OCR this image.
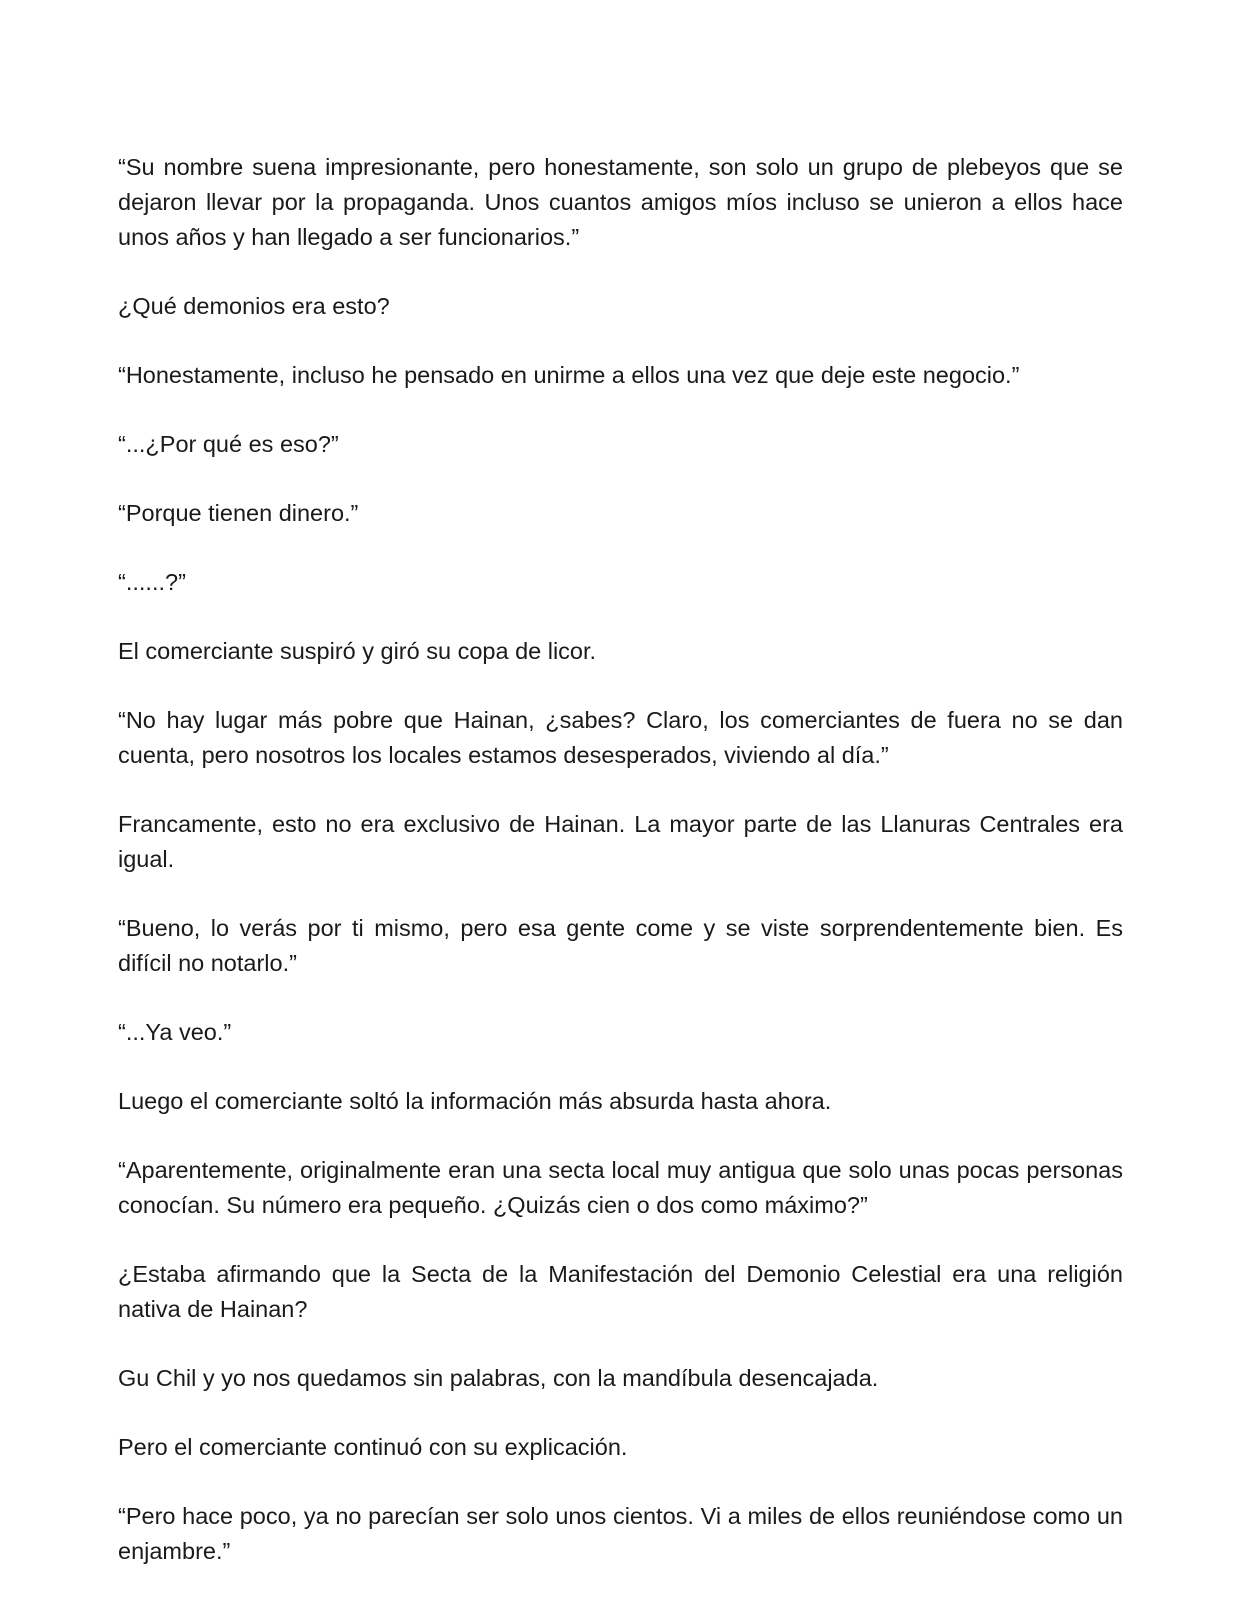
“Su nombre suena impresionante, pero honestamente, son solo un grupo de plebeyos que se dejaron llevar por la propaganda. Unos cuantos amigos míos incluso se unieron a ellos hace unos años y han llegado a ser funcionarios.”

¿Qué demonios era esto?

“Honestamente, incluso he pensado en unirme a ellos una vez que deje este negocio.”

“...¿Por qué es eso?”

“Porque tienen dinero.”

“......?”

El comerciante suspiró y giró su copa de licor.

“No hay lugar más pobre que Hainan, ¿sabes? Claro, los comerciantes de fuera no se dan cuenta, pero nosotros los locales estamos desesperados, viviendo al día.”

Francamente, esto no era exclusivo de Hainan. La mayor parte de las Llanuras Centrales era igual.

“Bueno, lo verás por ti mismo, pero esa gente come y se viste sorprendentemente bien. Es difícil no notarlo.”

“...Ya veo.”

Luego el comerciante soltó la información más absurda hasta ahora.

“Aparentemente, originalmente eran una secta local muy antigua que solo unas pocas personas conocían. Su número era pequeño. ¿Quizás cien o dos como máximo?”

¿Estaba afirmando que la Secta de la Manifestación del Demonio Celestial era una religión nativa de Hainan?

Gu Chil y yo nos quedamos sin palabras, con la mandíbula desencajada.

Pero el comerciante continuó con su explicación.

“Pero hace poco, ya no parecían ser solo unos cientos. Vi a miles de ellos reuniéndose como un enjambre.”
